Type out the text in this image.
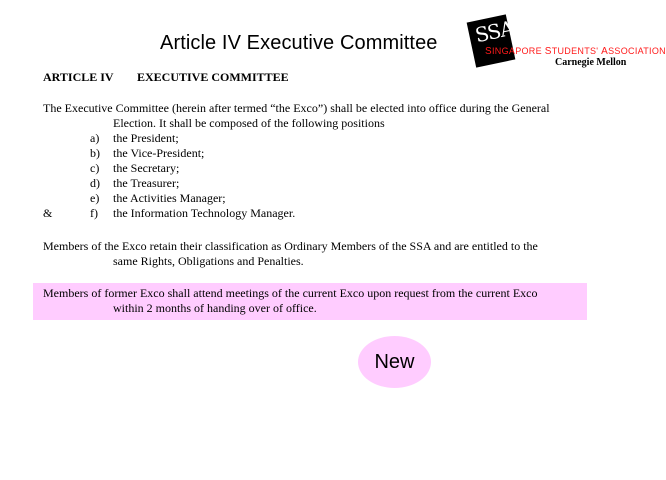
Article IV Executive Committee SSA
SINGAPORE STUDENTS' ASSOCIATION
Carnegie Mellon
ARTICLE IV EXECUTIVE COMMITTEE
The Executive Committee (herein after termed “the Exco”) shall be elected into office during the General
Election. It shall be composed of the following positions
a) the President;
b) the Vice-President;
c) the Secretary;
d) the Treasurer;
e) the Activities Manager;
&	f) the Information Technology Manager.
Members of the Exco retain their classification as Ordinary Members of the SSA and are entitled to the
same Rights, Obligations and Penalties.
Members of former Exco shall attend meetings of the current Exco upon request from the current Exco
within 2 months of handing over of office.
New
